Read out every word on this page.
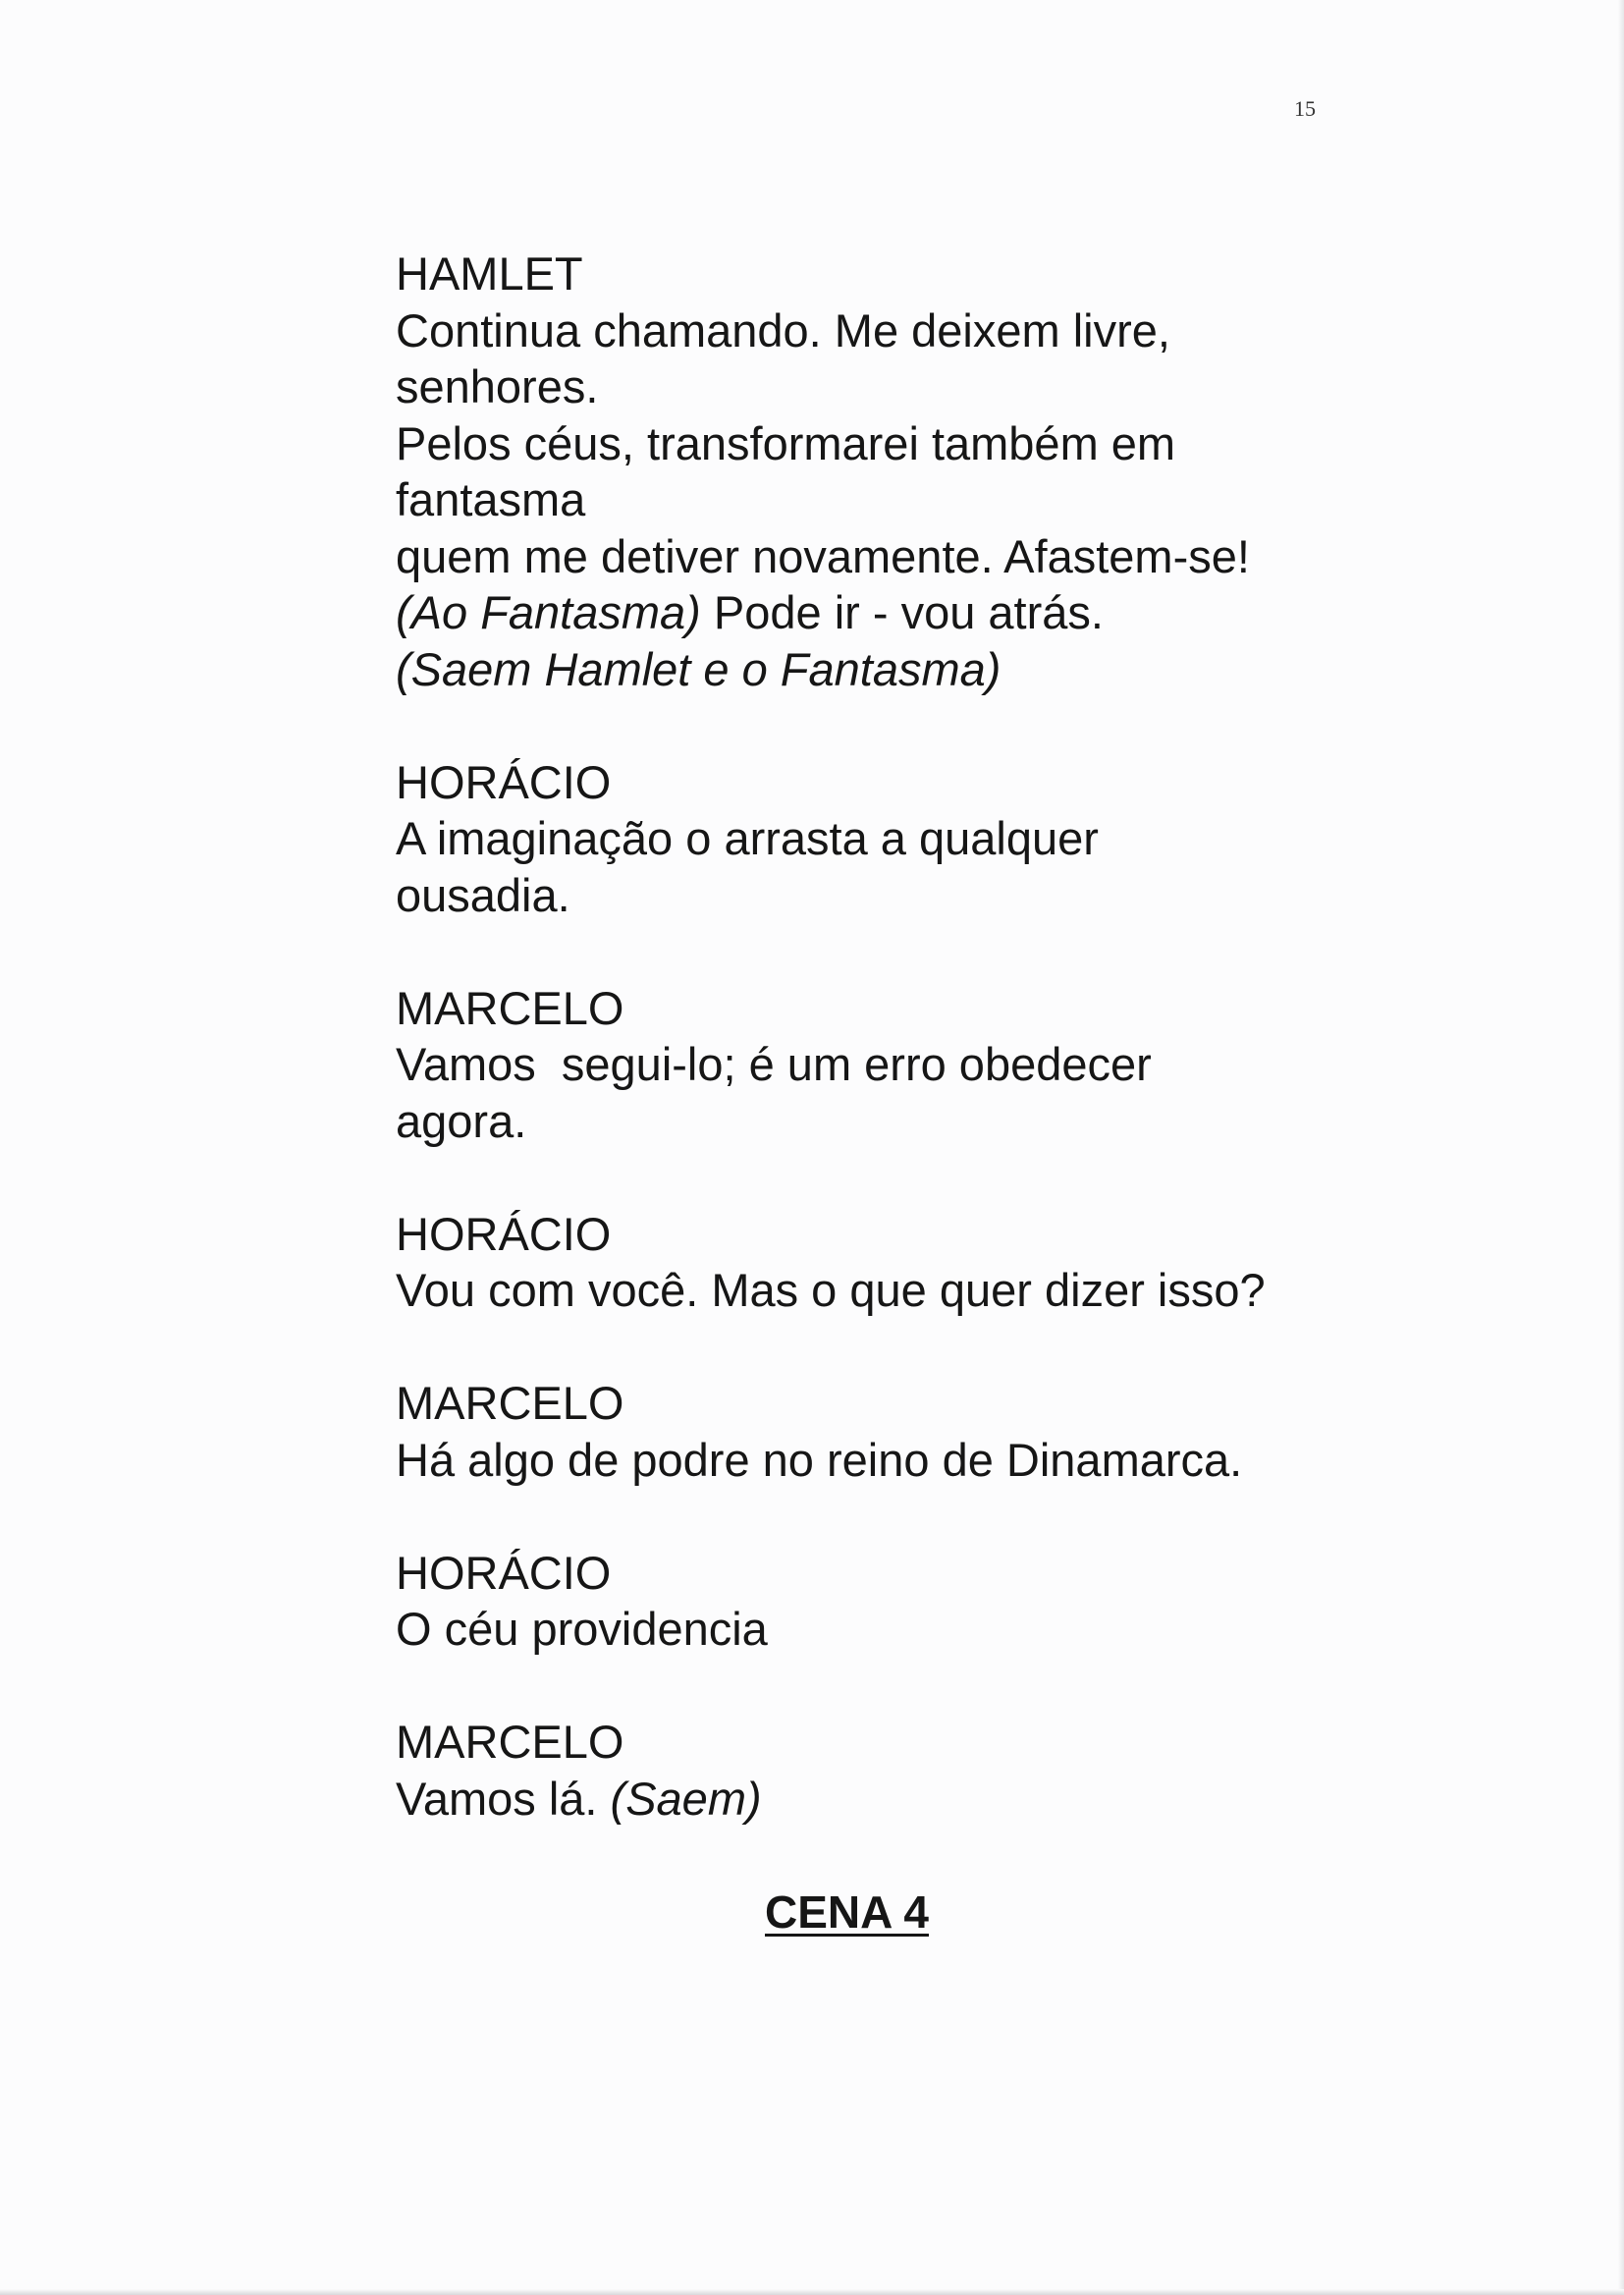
15
HAMLET
Continua chamando. Me deixem livre,
senhores.
Pelos céus, transformarei também em
fantasma
quem me detiver novamente. Afastem-se!
(Ao Fantasma) Pode ir - vou atrás.
(Saem Hamlet e o Fantasma)
HORÁCIO
A imaginação o arrasta a qualquer
ousadia.
MARCELO
Vamos  segui-lo; é um erro obedecer
agora.
HORÁCIO
Vou com você. Mas o que quer dizer isso?
MARCELO
Há algo de podre no reino de Dinamarca.
HORÁCIO
O céu providencia
MARCELO
Vamos lá. (Saem)
CENA 4
